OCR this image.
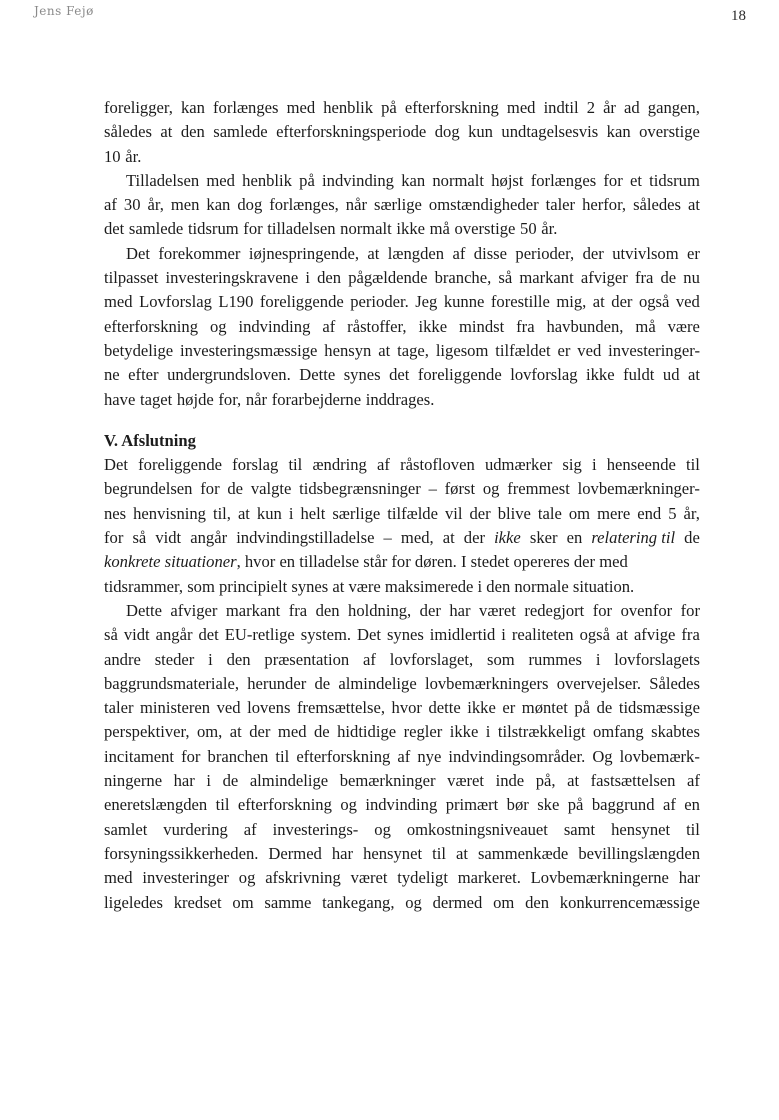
Jens Fejø	18
foreligger, kan forlænges med henblik på efterforskning med indtil 2 år ad gangen,
således at den samlede efterforskningsperiode dog kun undtagelsesvis kan overstige
10 år.
Tilladelsen med henblik på indvinding kan normalt højst forlænges for et tidsrum
af 30 år, men kan dog forlænges, når særlige omstændigheder taler herfor, således at
det samlede tidsrum for tilladelsen normalt ikke må overstige 50 år.
Det forekommer iøjnespringende, at længden af disse perioder, der utvivlsom er
tilpasset investeringskravene i den pågældende branche, så markant afviger fra de nu
med Lovforslag L190 foreliggende perioder. Jeg kunne forestille mig, at der også ved
efterforskning og indvinding af råstoffer, ikke mindst fra havbunden, må være
betydelige investeringsmæssige hensyn at tage, ligesom tilfældet er ved investeringer-
ne efter undergrundsloven. Dette synes det foreliggende lovforslag ikke fuldt ud at
have taget højde for, når forarbejderne inddrages.
V. Afslutning
Det foreliggende forslag til ændring af råstofloven udmærker sig i henseende til
begrundelsen for de valgte tidsbegrænsninger – først og fremmest lovbemærkninger-
nes henvisning til, at kun i helt særlige tilfælde vil der blive tale om mere end 5 år,
for så vidt angår indvindingstilladelse – med, at der ikke sker en relatering til de
konkrete situationer, hvor en tilladelse står for døren. I stedet opereres der med
tidsrammer, som principielt synes at være maksimerede i den normale situation.
Dette afviger markant fra den holdning, der har været redegjort for ovenfor for
så vidt angår det EU-retlige system. Det synes imidlertid i realiteten også at afvige fra
andre steder i den præsentation af lovforslaget, som rummes i lovforslagets
baggrundsmateriale, herunder de almindelige lovbemærkningers overvejelser. Således
taler ministeren ved lovens fremsættelse, hvor dette ikke er møntet på de tidsmæssige
perspektiver, om, at der med de hidtidige regler ikke i tilstrækkeligt omfang skabtes
incitament for branchen til efterforskning af nye indvindingsområder. Og lovbemærk-
ningerne har i de almindelige bemærkninger været inde på, at fastsættelsen af
eneretslængden til efterforskning og indvinding primært bør ske på baggrund af en
samlet vurdering af investerings- og omkostningsniveauet samt hensynet til
forsyningssikkerheden. Dermed har hensynet til at sammenkæde bevillingslængden
med investeringer og afskrivning været tydeligt markeret. Lovbemærkningerne har
ligeledes kredset om samme tankegang, og dermed om den konkurrencemæssige
